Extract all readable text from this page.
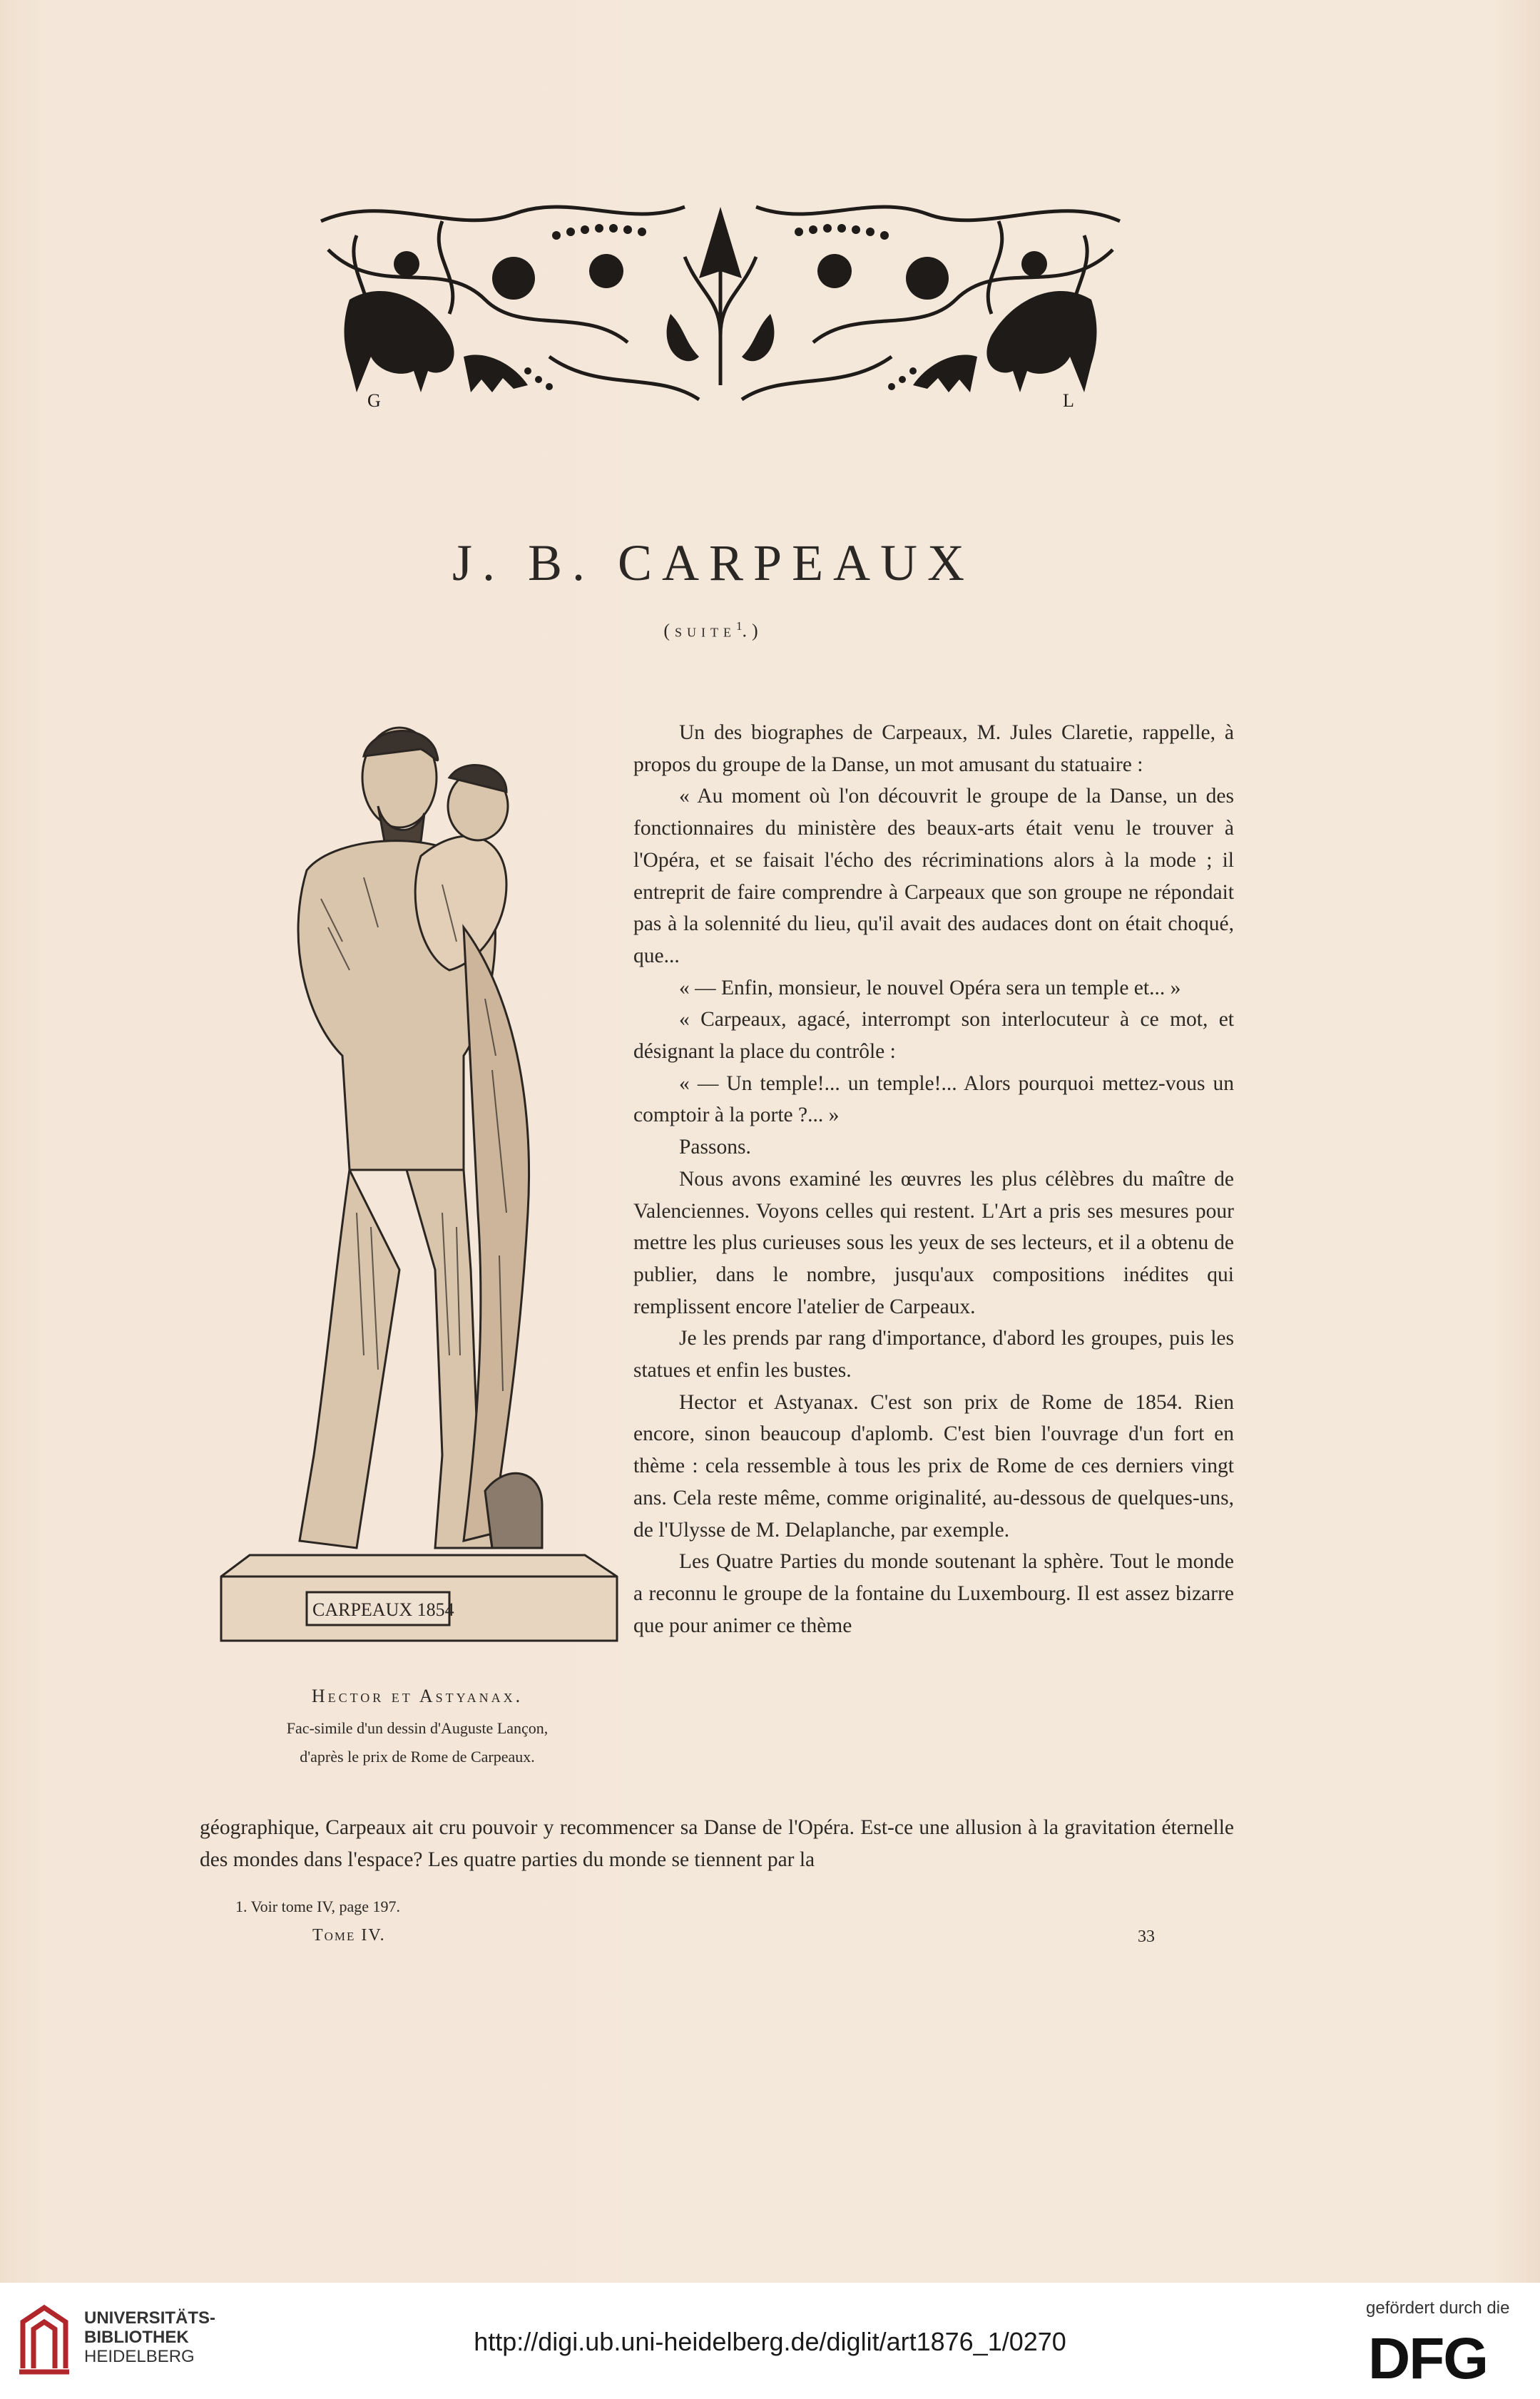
G	L
J. B. CARPEAUX
(suite$^1$.)
CARPEAUX 1854
Hector et Astyanax.
Fac-simile d'un dessin d'Auguste Lançon,
d'après le prix de Rome de Carpeaux.

Un des biographes de Carpeaux, M. Jules Claretie, rappelle, à propos du groupe de la Danse, un mot amusant du statuaire :

« Au moment où l'on découvrit le groupe de la Danse, un des fonctionnaires du ministère des beaux-arts était venu le trouver à l'Opéra, et se faisait l'écho des récriminations alors à la mode ; il entreprit de faire comprendre à Carpeaux que son groupe ne répondait pas à la solennité du lieu, qu'il avait des audaces dont on était choqué, que...

« — Enfin, monsieur, le nouvel Opéra sera un temple et... »

« Carpeaux, agacé, interrompt son interlocuteur à ce mot, et désignant la place du contrôle :

« — Un temple!... un temple!... Alors pourquoi mettez-vous un comptoir à la porte ?... »

Passons.

Nous avons examiné les œuvres les plus célèbres du maître de Valenciennes. Voyons celles qui restent. L'Art a pris ses mesures pour mettre les plus curieuses sous les yeux de ses lecteurs, et il a obtenu de publier, dans le nombre, jusqu'aux compositions inédites qui remplissent encore l'atelier de Carpeaux.

Je les prends par rang d'importance, d'abord les groupes, puis les statues et enfin les bustes.

Hector et Astyanax. C'est son prix de Rome de 1854. Rien encore, sinon beaucoup d'aplomb. C'est bien l'ouvrage d'un fort en thème : cela ressemble à tous les prix de Rome de ces derniers vingt ans. Cela reste même, comme originalité, au-dessous de quelques-uns, de l'Ulysse de M. Delaplanche, par exemple.

Les Quatre Parties du monde soutenant la sphère. Tout le monde a reconnu le groupe de la fontaine du Luxembourg. Il est assez bizarre que pour animer ce thème

géographique, Carpeaux ait cru pouvoir y recommencer sa Danse de l'Opéra. Est-ce une allusion à la gravitation éternelle des mondes dans l'espace? Les quatre parties du monde se tiennent par la

1. Voir tome IV, page 197.
Tome IV.	33
UNIVERSITÄTS-
BIBLIOTHEK
HEIDELBERG
http://digi.ub.uni-heidelberg.de/diglit/art1876_1/0270
gefördert durch die
DFG
